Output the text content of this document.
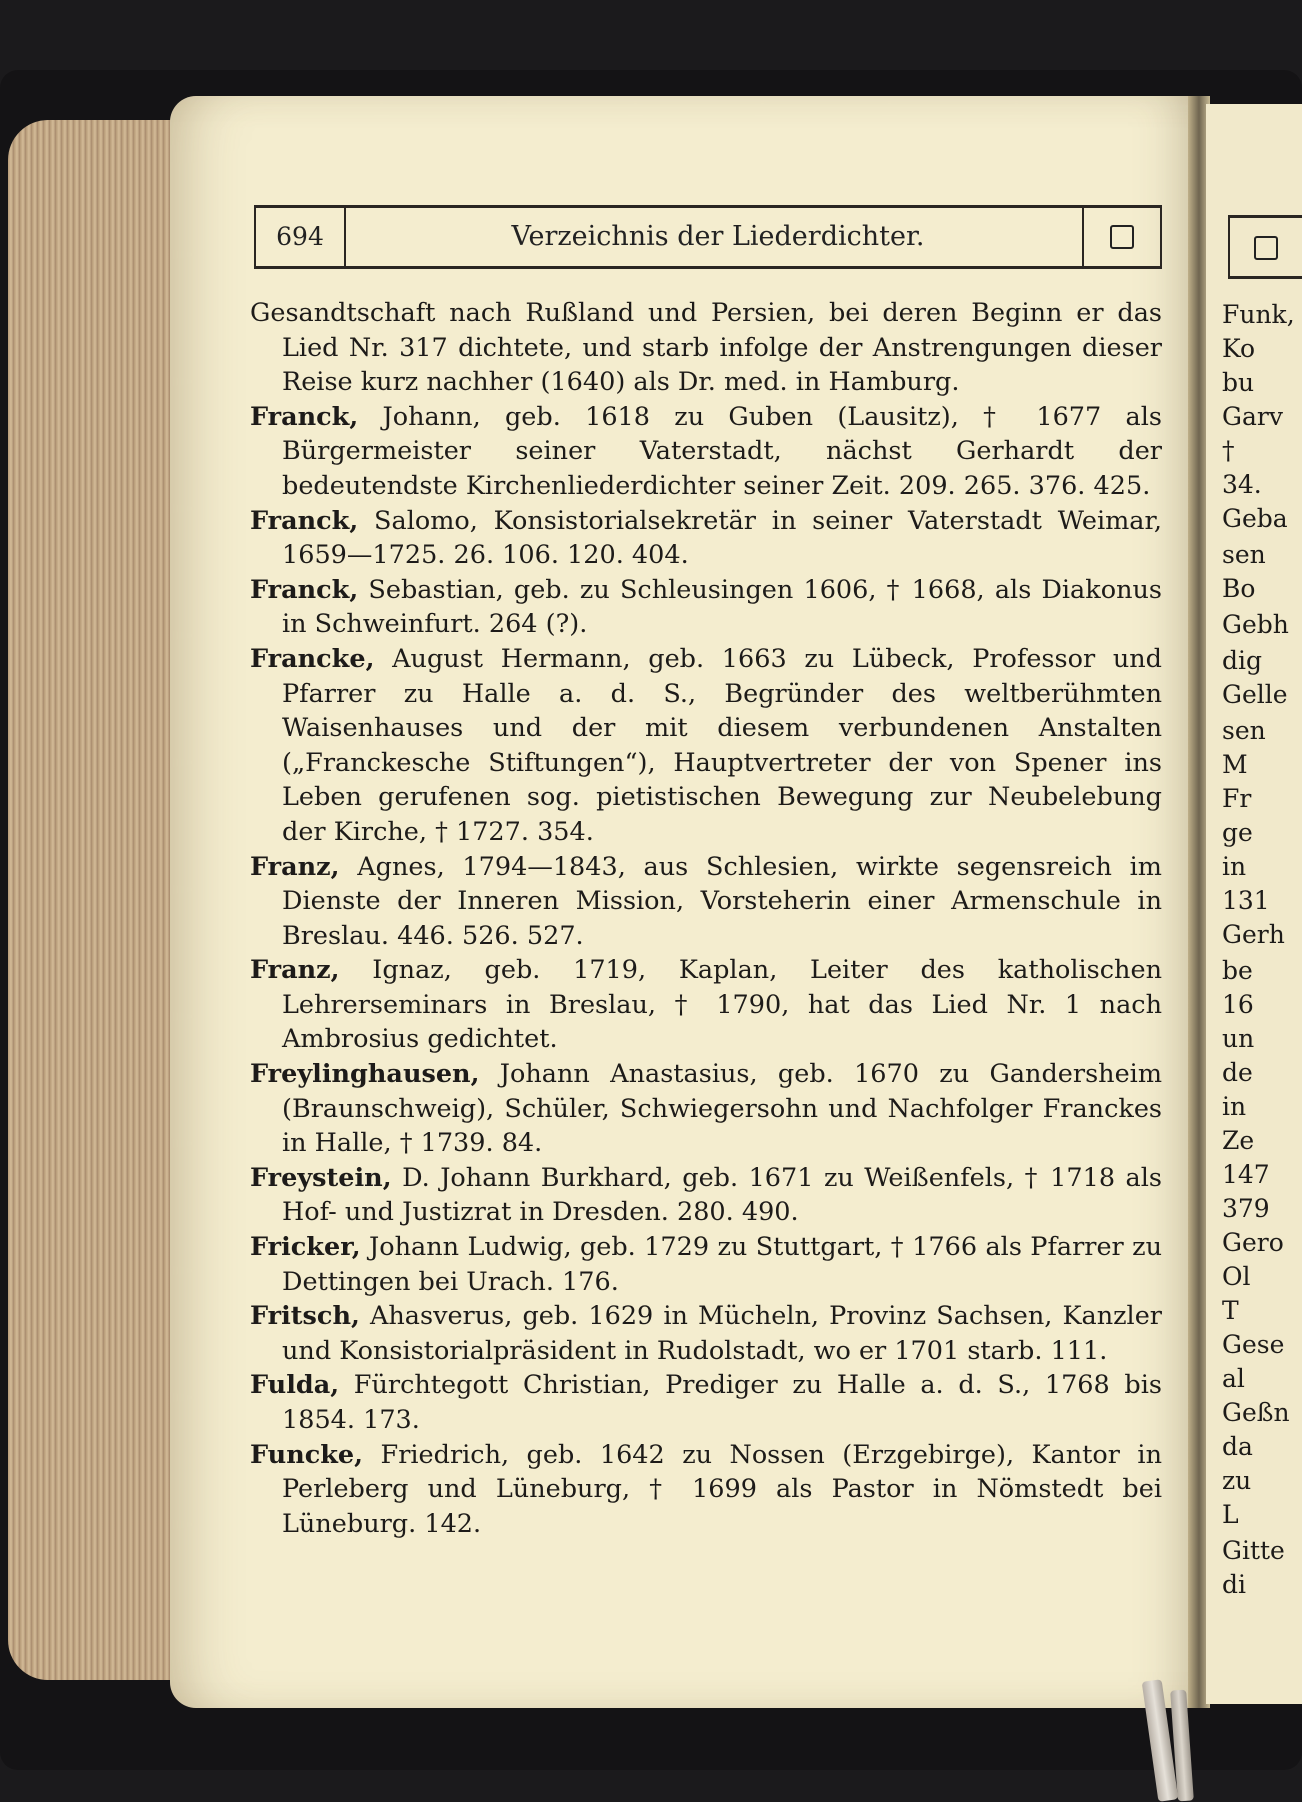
694	Verzeichnis der Liederdichter.

Gesandtschaft nach Rußland und Persien, bei deren Beginn er das Lied Nr. 317 dichtete, und starb infolge der Anstrengungen dieser Reise kurz nachher (1640) als Dr. med. in Hamburg.

Franck, Johann, geb. 1618 zu Guben (Lausitz), † 1677 als Bürgermeister seiner Vaterstadt, nächst Gerhardt der bedeutendste Kirchenliederdichter seiner Zeit. 209. 265. 376. 425.

Franck, Salomo, Konsistorialsekretär in seiner Vaterstadt Weimar, 1659—1725. 26. 106. 120. 404.

Franck, Sebastian, geb. zu Schleusingen 1606, † 1668, als Diakonus in Schweinfurt. 264 (?).

Francke, August Hermann, geb. 1663 zu Lübeck, Professor und Pfarrer zu Halle a. d. S., Begründer des weltberühmten Waisenhauses und der mit diesem verbundenen Anstalten („Franckesche Stiftungen“), Hauptvertreter der von Spener ins Leben gerufenen sog. pietistischen Bewegung zur Neubelebung der Kirche, † 1727. 354.

Franz, Agnes, 1794—1843, aus Schlesien, wirkte segensreich im Dienste der Inneren Mission, Vorsteherin einer Armenschule in Breslau. 446. 526. 527.

Franz, Ignaz, geb. 1719, Kaplan, Leiter des katholischen Lehrerseminars in Breslau, † 1790, hat das Lied Nr. 1 nach Ambrosius gedichtet.

Freylinghausen, Johann Anastasius, geb. 1670 zu Gandersheim (Braunschweig), Schüler, Schwiegersohn und Nachfolger Franckes in Halle, † 1739. 84.

Freystein, D. Johann Burkhard, geb. 1671 zu Weißenfels, † 1718 als Hof- und Justizrat in Dresden. 280. 490.

Fricker, Johann Ludwig, geb. 1729 zu Stuttgart, † 1766 als Pfarrer zu Dettingen bei Urach. 176.

Fritsch, Ahasverus, geb. 1629 in Mücheln, Provinz Sachsen, Kanzler und Konsistorialpräsident in Rudolstadt, wo er 1701 starb. 111.

Fulda, Fürchtegott Christian, Prediger zu Halle a. d. S., 1768 bis 1854. 173.

Funcke, Friedrich, geb. 1642 zu Nossen (Erzgebirge), Kantor in Perleberg und Lüneburg, † 1699 als Pastor in Nömstedt bei Lüneburg. 142.

Funk,
Ko
bu
Garv
†
34.
Geba
sen
Bo
Gebh
dig
Gelle
sen
M
Fr
ge
in
131
Gerh
be
16
un
de
in
Ze
147
379
Gero
Ol
T
Gese
al
Geßn
da
zu
L
Gitte
di
